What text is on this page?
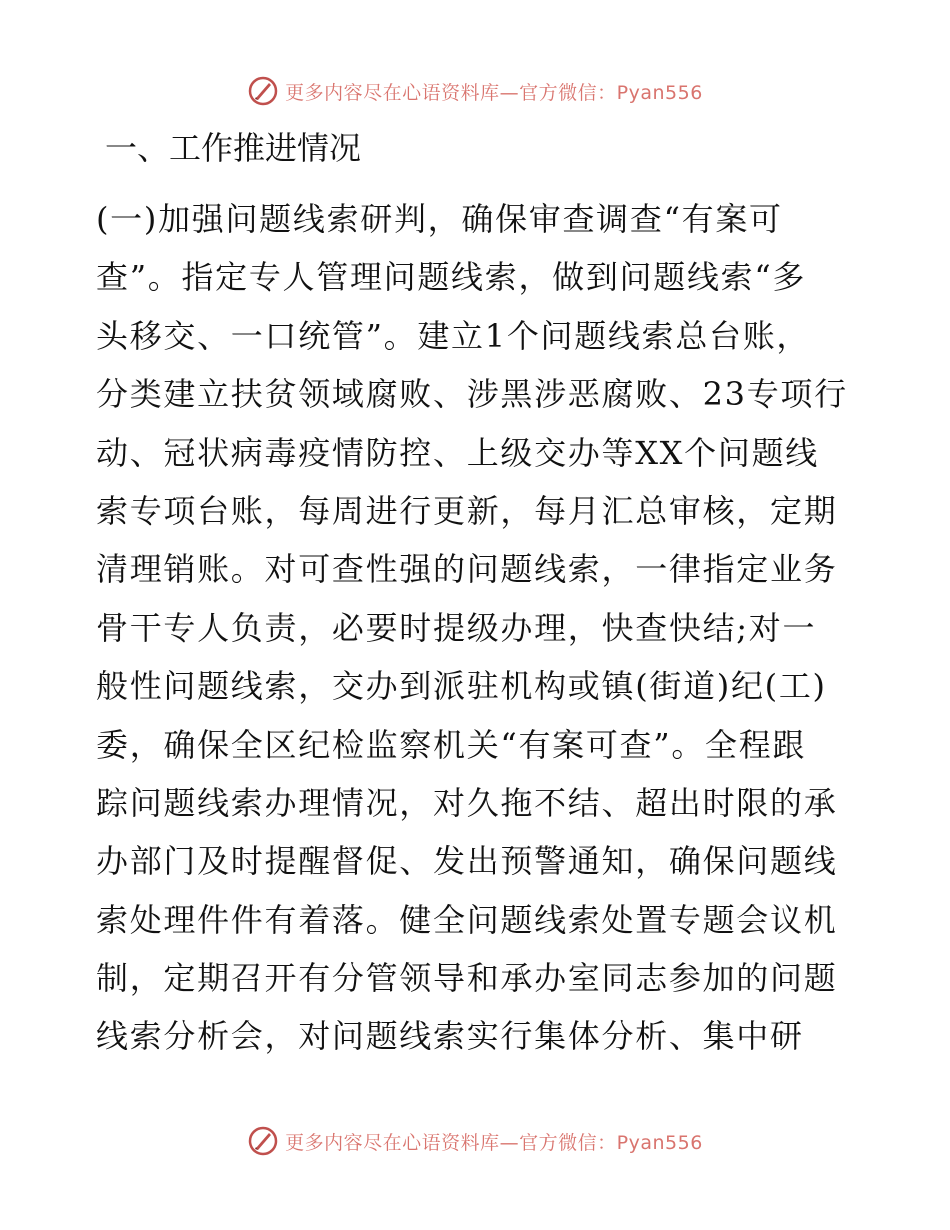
更多内容尽在心语资料库—官方微信：Pyan556
一、工作推进情况
(一)加强问题线索研判，确保审查调查“有案可
查”。指定专人管理问题线索，做到问题线索“多
头移交、一口统管”。建立1个问题线索总台账，
分类建立扶贫领域腐败、涉黑涉恶腐败、23专项行
动、冠状病毒疫情防控、上级交办等XX个问题线
索专项台账，每周进行更新，每月汇总审核，定期
清理销账。对可查性强的问题线索，一律指定业务
骨干专人负责，必要时提级办理，快查快结;对一
般性问题线索，交办到派驻机构或镇(街道)纪(工)
委，确保全区纪检监察机关“有案可查”。全程跟
踪问题线索办理情况，对久拖不结、超出时限的承
办部门及时提醒督促、发出预警通知，确保问题线
索处理件件有着落。健全问题线索处置专题会议机
制，定期召开有分管领导和承办室同志参加的问题
线索分析会，对问题线索实行集体分析、集中研
更多内容尽在心语资料库—官方微信：Pyan556
